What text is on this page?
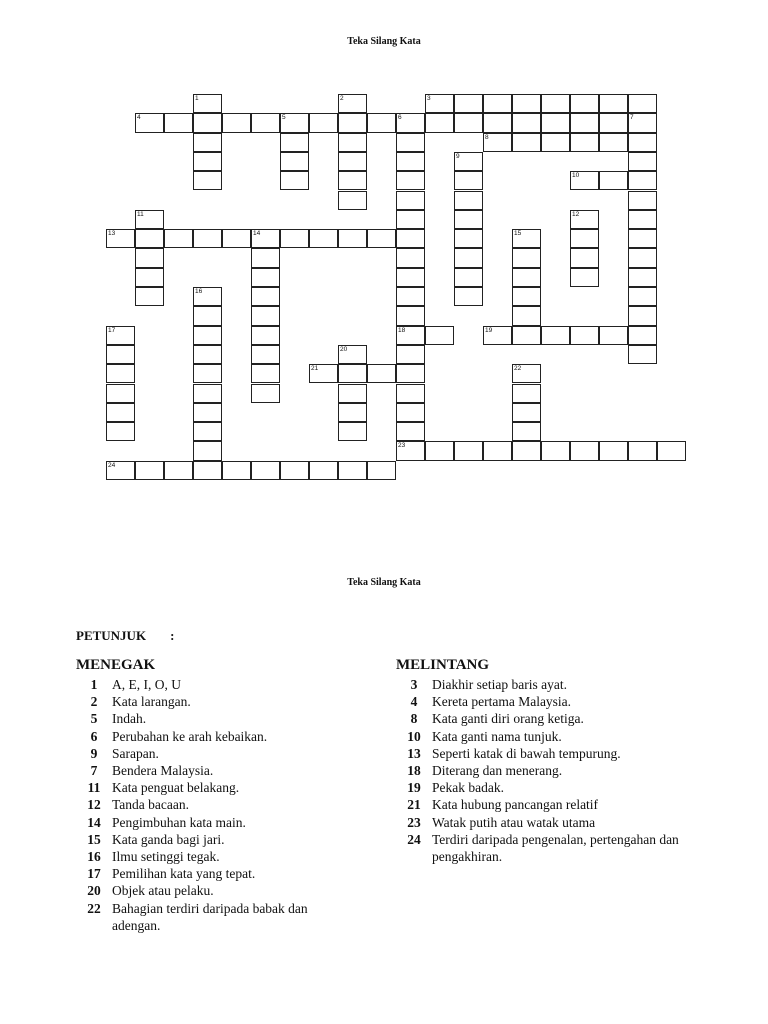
Teka Silang Kata
3
4	5	6	7
8
10
13	14
18	19
21
23
24
1	2
9
11	12
15
16
17
20
22
Teka Silang Kata
PETUNJUK :
MENEGAK	MELINTANG
1	A, E, I, O, U
2	Kata larangan.
5	Indah.
6	Perubahan ke arah kebaikan.
9	Sarapan.
7	Bendera Malaysia.
11 Kata penguat belakang.
12 Tanda bacaan.
14 Pengimbuhan kata main.
15 Kata ganda bagi jari.
16 Ilmu setinggi tegak.
17 Pemilihan kata yang tepat.
20 Objek atau pelaku.
22 Bahagian terdiri daripada babak dan adengan.
3	Diakhir setiap baris ayat.
4	Kereta pertama Malaysia.
8	Kata ganti diri orang ketiga.
10 Kata ganti nama tunjuk.
13 Seperti katak di bawah tempurung.
18 Diterang dan menerang.
19 Pekak badak.
21 Kata hubung pancangan relatif
23 Watak putih atau watak utama
24 Terdiri daripada pengenalan, pertengahan dan pengakhiran.
